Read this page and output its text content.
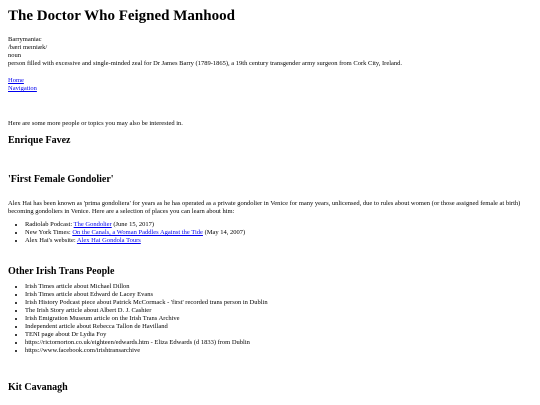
The Doctor Who Feigned Manhood

Barrymaniac

/bæri meɪniæk/

noun

person filled with excessive and single-minded zeal for Dr James Barry (1789-1865), a 19th century transgender army surgeon from Cork City, Ireland.

Home
Navigation
Here are some more people or topics you may also be interested in.
Enrique Favez
'First Female Gondolier'
Alex Hai has been known as 'prima gondoliera' for years as he has operated as a private gondolier in Venice for many years, unlicensed, due to rules about women (or those assigned female at birth) becoming gondoliers in Venice. Here are a selection of places you can learn about him:
• Radiolab Podcast: The Gondolier (June 15, 2017)
• New York Times: On the Canals, a Woman Paddles Against the Tide (May 14, 2007)
• Alex Hai's website: Alex Hai Gondola Tours
Other Irish Trans People
• Irish Times article about Michael Dillon
• Irish Times article about Edward de Lacey Evans
• Irish History Podcast piece about Patrick McCormack - 'first' recorded trans person in Dublin
• The Irish Story article about Albert D. J. Cashier
• Irish Emigration Museum article on the Irish Trans Archive
• Independent article about Rebecca Tallon de Havilland
• TENI page about Dr Lydia Foy
• https://rictornorton.co.uk/eighteen/edwards.htm - Eliza Edwards (d 1833) from Dublin
• https://www.facebook.com/irishtransarchive
Kit Cavanagh
